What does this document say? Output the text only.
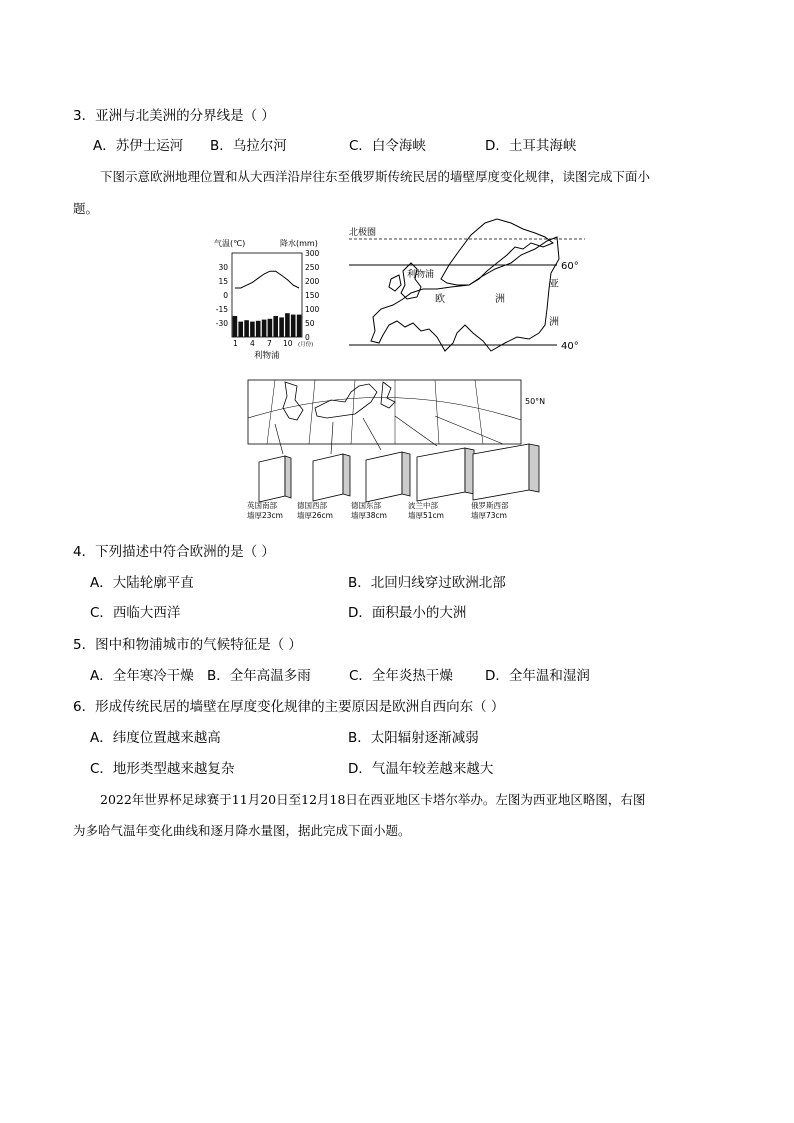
3．亚洲与北美洲的分界线是（ ）
A．苏伊士运河 B．乌拉尔河	C．白令海峡	D．土耳其海峡
下图示意欧洲地理位置和从大西洋沿岸往东至俄罗斯传统民居的墙壁厚度变化规律，读图完成下面小
题。
气温(℃)	降水(mm)
30
15
0
-15
-30
300
250
200
150
100
50
0
1 4 7 10 (月份)
利物浦
北极圈
60°
40°
利物浦
欧	洲
亚
洲
50°N
英国南部
墙厚23cm
德国西部
墙厚26cm
德国东部
墙厚38cm
波兰中部
墙厚51cm
俄罗斯西部
墙厚73cm
4．下列描述中符合欧洲的是（ ）
A．大陆轮廓平直	B．北回归线穿过欧洲北部
C．西临大西洋	D．面积最小的大洲
5．图中和物浦城市的气候特征是（ ）
A．全年寒冷干燥 B．全年高温多雨	C．全年炎热干燥 D．全年温和湿润
6．形成传统民居的墙壁在厚度变化规律的主要原因是欧洲自西向东（ ）
A．纬度位置越来越高	B．太阳辐射逐渐减弱
C．地形类型越来越复杂	D．气温年较差越来越大
2022年世界杯足球赛于11月20日至12月18日在西亚地区卡塔尔举办。左图为西亚地区略图，右图
为多哈气温年变化曲线和逐月降水量图，据此完成下面小题。
